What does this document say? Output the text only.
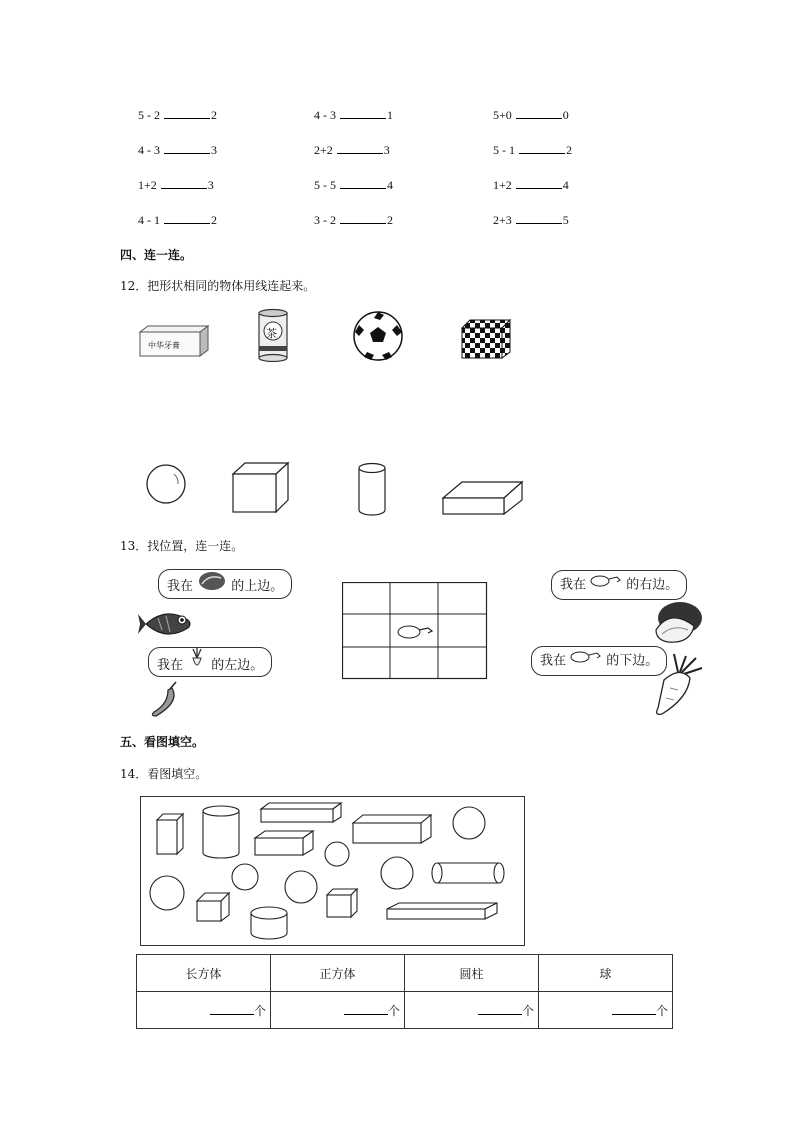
5 - 2	2	4 - 3	1	5+0	0
4 - 3	3	2+2	3	5 - 1	2
1+2	3	5 - 5	4	1+2	4
4 - 1	2	3 - 2	2	2+3	5
四、连一连。
12．把形状相同的物体用线连起来。
中华牙膏
茶
13．找位置，连一连。
我在	的上边。
我在 的左边。
我在	的右边。
我在	的下边。
五、看图填空。
14．看图填空。
长方体	正方体	圆柱	球
个	个	个	个
